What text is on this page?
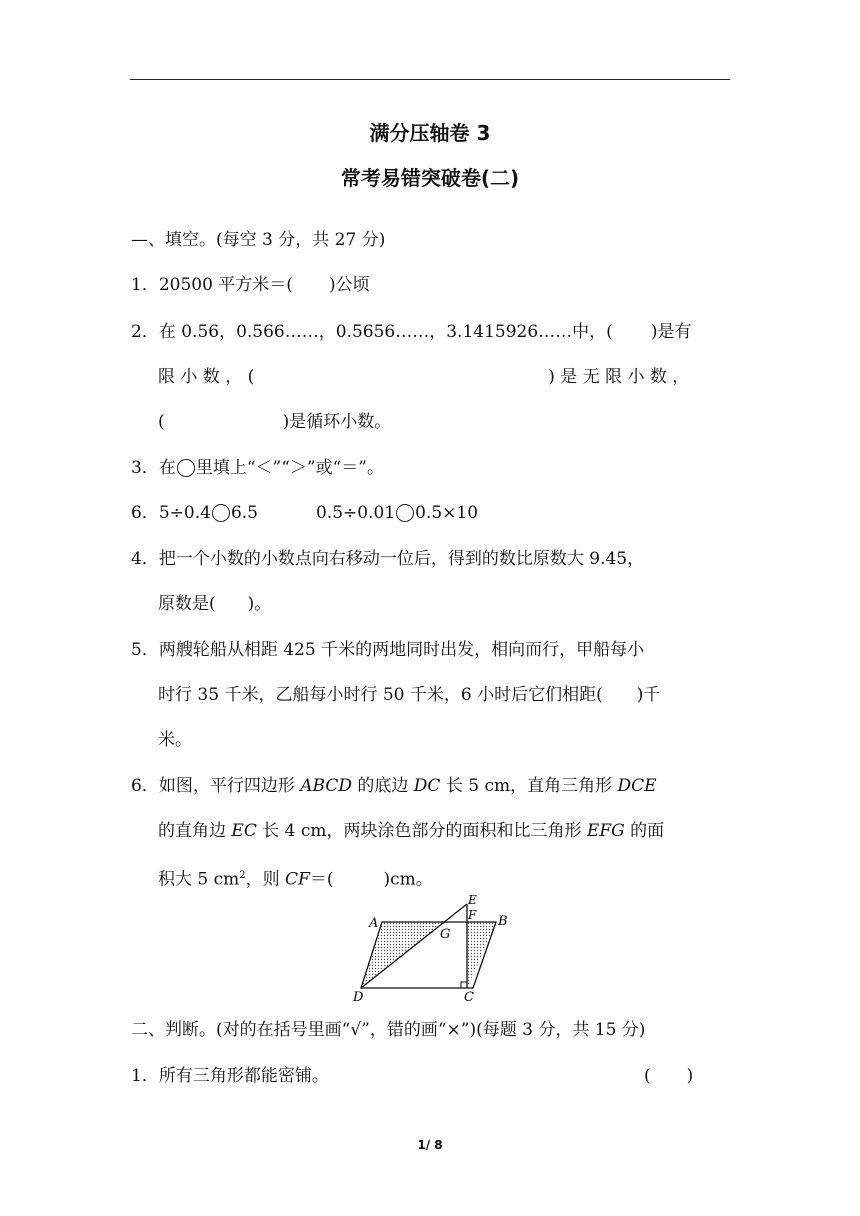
满分压轴卷 3
常考易错突破卷(二)
—、填空。(每空 3 分，共 27 分)
1．20500 平方米＝( )公顷
2．在 0.56，0.566……，0.5656……，3.1415926……中，( )是有
限 小 数 ， (	) 是 无 限 小 数 ，
(	)是循环小数。
3．在 里填上“＜”“＞”或“＝”。
6．5÷0.4 6.5	0.5÷0.01 0.5×10
4．把一个小数的小数点向右移动一位后，得到的数比原数大 9.45，
原数是( )。
5．两艘轮船从相距 425 千米的两地同时出发，相向而行，甲船每小
时行 35 千米，乙船每小时行 50 千米，6 小时后它们相距( )千
米。
6．如图，平行四边形 ABCD 的底边 DC 长 5 cm，直角三角形 DCE
的直角边 EC 长 4 cm，两块涂色部分的面积和比三角形 EFG 的面
积大 5 $cm^2$，则 CF＝(	)cm。
A	B
C
D
E
F
G
二、判断。(对的在括号里画“√”，错的画“×”)(每题 3 分，共 15 分)
1．所有三角形都能密铺。	( )
1/ 8
